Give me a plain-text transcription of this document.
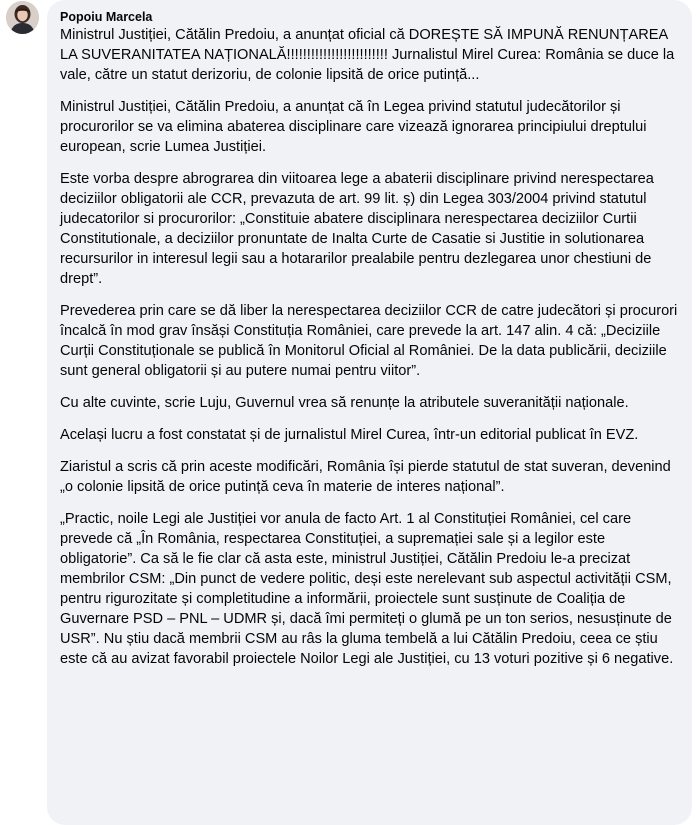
Popoiu Marcela

Ministrul Justiției, Cătălin Predoiu, a anunțat oficial că DOREȘTE SĂ IMPUNĂ RENUNȚAREA LA SUVERANITATEA NAȚIONALĂ!!!!!!!!!!!!!!!!!!!!!!!!! Jurnalistul Mirel Curea: România se duce la vale, către un statut derizoriu, de colonie lipsită de orice putință...

Ministrul Justiției, Cătălin Predoiu, a anunțat că în Legea privind statutul judecătorilor și procurorilor se va elimina abaterea disciplinare care vizează ignorarea principiului dreptului european, scrie Lumea Justiției.

Este vorba despre abrograrea din viitoarea lege a abaterii disciplinare privind nerespectarea deciziilor obligatorii ale CCR, prevazuta de art. 99 lit. ș) din Legea 303/2004 privind statutul judecatorilor si procurorilor: „Constituie abatere disciplinara nerespectarea deciziilor Curtii Constitutionale, a deciziilor pronuntate de Inalta Curte de Casatie si Justitie in solutionarea recursurilor in interesul legii sau a hotararilor prealabile pentru dezlegarea unor chestiuni de drept”.

Prevederea prin care se dă liber la nerespectarea deciziilor CCR de catre judecători și procurori încalcă în mod grav însăși Constituția României, care prevede la art. 147 alin. 4 că: „Deciziile Curții Constituționale se publică în Monitorul Oficial al României. De la data publicării, deciziile sunt general obligatorii și au putere numai pentru viitor”.

Cu alte cuvinte, scrie Luju, Guvernul vrea să renunțe la atributele suveranității naționale.

Același lucru a fost constatat și de jurnalistul Mirel Curea, într-un editorial publicat în EVZ.

Ziaristul a scris că prin aceste modificări, România își pierde statutul de stat suveran, devenind „o colonie lipsită de orice putință ceva în materie de interes național”.

„Practic, noile Legi ale Justiției vor anula de facto Art. 1 al Constituției României, cel care prevede că „În România, respectarea Constituției, a supremației sale și a legilor este obligatorie”. Ca să le fie clar că asta este, ministrul Justiției, Cătălin Predoiu le-a precizat membrilor CSM: „Din punct de vedere politic, deși este nerelevant sub aspectul activității CSM, pentru rigurozitate și completitudine a informării, proiectele sunt susținute de Coaliția de Guvernare PSD – PNL – UDMR și, dacă îmi permiteți o glumă pe un ton serios, nesusținute de USR”. Nu știu dacă membrii CSM au râs la gluma tembelă a lui Cătălin Predoiu, ceea ce știu este că au avizat favorabil proiectele Noilor Legi ale Justiției, cu 13 voturi pozitive și 6 negative.
